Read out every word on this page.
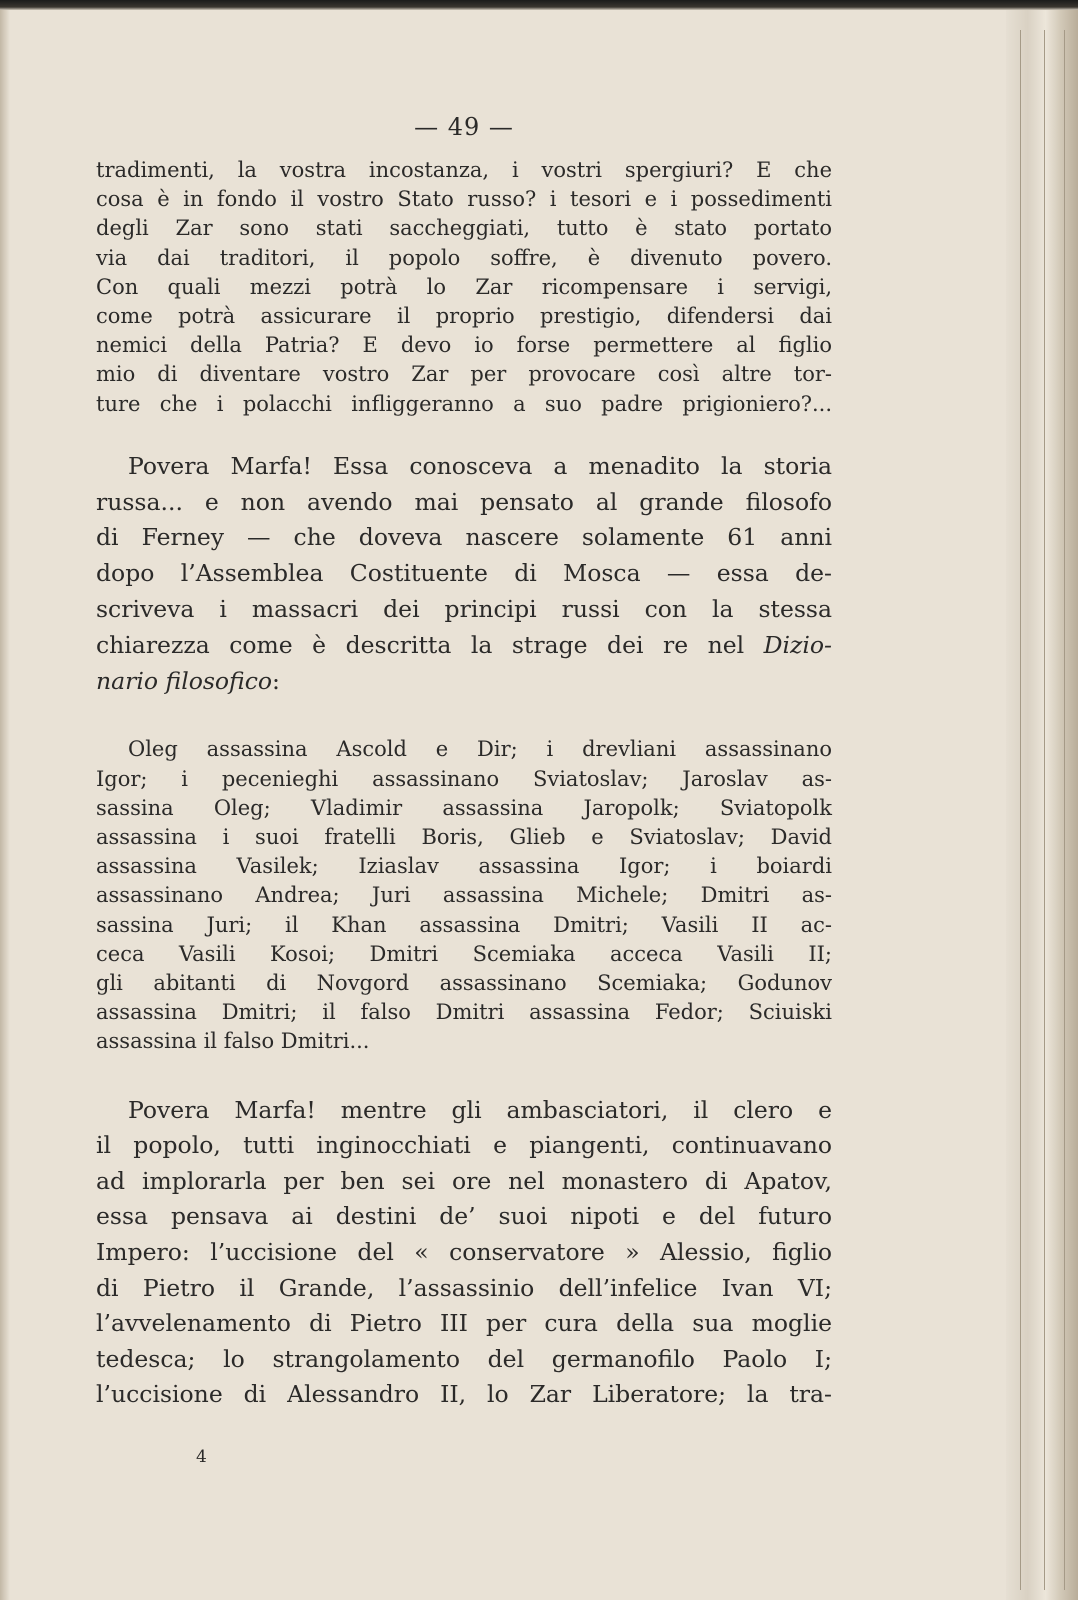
— 49 —
tradimenti, la vostra incostanza, i vostri spergiuri? E che
cosa è in fondo il vostro Stato russo? i tesori e i possedimenti
degli Zar sono stati saccheggiati, tutto è stato portato
via dai traditori, il popolo soffre, è divenuto povero.
Con quali mezzi potrà lo Zar ricompensare i servigi,
come potrà assicurare il proprio prestigio, difendersi dai
nemici della Patria? E devo io forse permettere al figlio
mio di diventare vostro Zar per provocare così altre tor-
ture che i polacchi infliggeranno a suo padre prigioniero?...
Povera Marfa! Essa conosceva a menadito la storia
russa... e non avendo mai pensato al grande filosofo
di Ferney — che doveva nascere solamente 61 anni
dopo l’Assemblea Costituente di Mosca — essa de-
scriveva i massacri dei principi russi con la stessa
chiarezza come è descritta la strage dei re nel Dizio-
nario filosofico:
Oleg assassina Ascold e Dir; i drevliani assassinano
Igor; i pecenieghi assassinano Sviatoslav; Jaroslav as-
sassina Oleg; Vladimir assassina Jaropolk; Sviatopolk
assassina i suoi fratelli Boris, Glieb e Sviatoslav; David
assassina Vasilek; Iziaslav assassina Igor; i boiardi
assassinano Andrea; Juri assassina Michele; Dmitri as-
sassina Juri; il Khan assassina Dmitri; Vasili II ac-
ceca Vasili Kosoi; Dmitri Scemiaka acceca Vasili II;
gli abitanti di Novgord assassinano Scemiaka; Godunov
assassina Dmitri; il falso Dmitri assassina Fedor; Sciuiski
assassina il falso Dmitri...
Povera Marfa! mentre gli ambasciatori, il clero e
il popolo, tutti inginocchiati e piangenti, continuavano
ad implorarla per ben sei ore nel monastero di Apatov,
essa pensava ai destini de’ suoi nipoti e del futuro
Impero: l’uccisione del « conservatore » Alessio, figlio
di Pietro il Grande, l’assassinio dell’infelice Ivan VI;
l’avvelenamento di Pietro III per cura della sua moglie
tedesca; lo strangolamento del germanofilo Paolo I;
l’uccisione di Alessandro II, lo Zar Liberatore; la tra-
4
